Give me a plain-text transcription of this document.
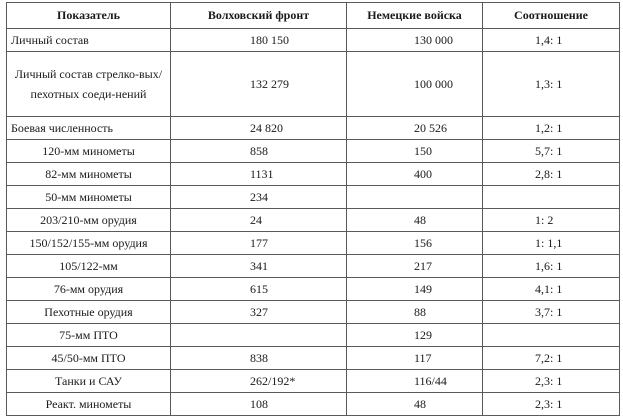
Показатель	Волховский фронт	Немецкие войска	Соотношение
Личный состав	180 150	130 000	1,4: 1
Личный состав стрелко-вых/пехотных соеди-нений	132 279	100 000	1,3: 1
Боевая численность	24 820	20 526	1,2: 1
120-мм минометы	858	150	5,7: 1
82-мм минометы	1131	400	2,8: 1
50-мм минометы	234		
203/210-мм орудия	24	48	1: 2
150/152/155-мм орудия	177	156	1: 1,1
105/122-мм	341	217	1,6: 1
76-мм орудия	615	149	4,1: 1
Пехотные орудия	327	88	3,7: 1
75-мм ПТО		129	
45/50-мм ПТО	838	117	7,2: 1
Танки и САУ	262/192*	116/44	2,3: 1
Реакт. минометы	108	48	2,3: 1
